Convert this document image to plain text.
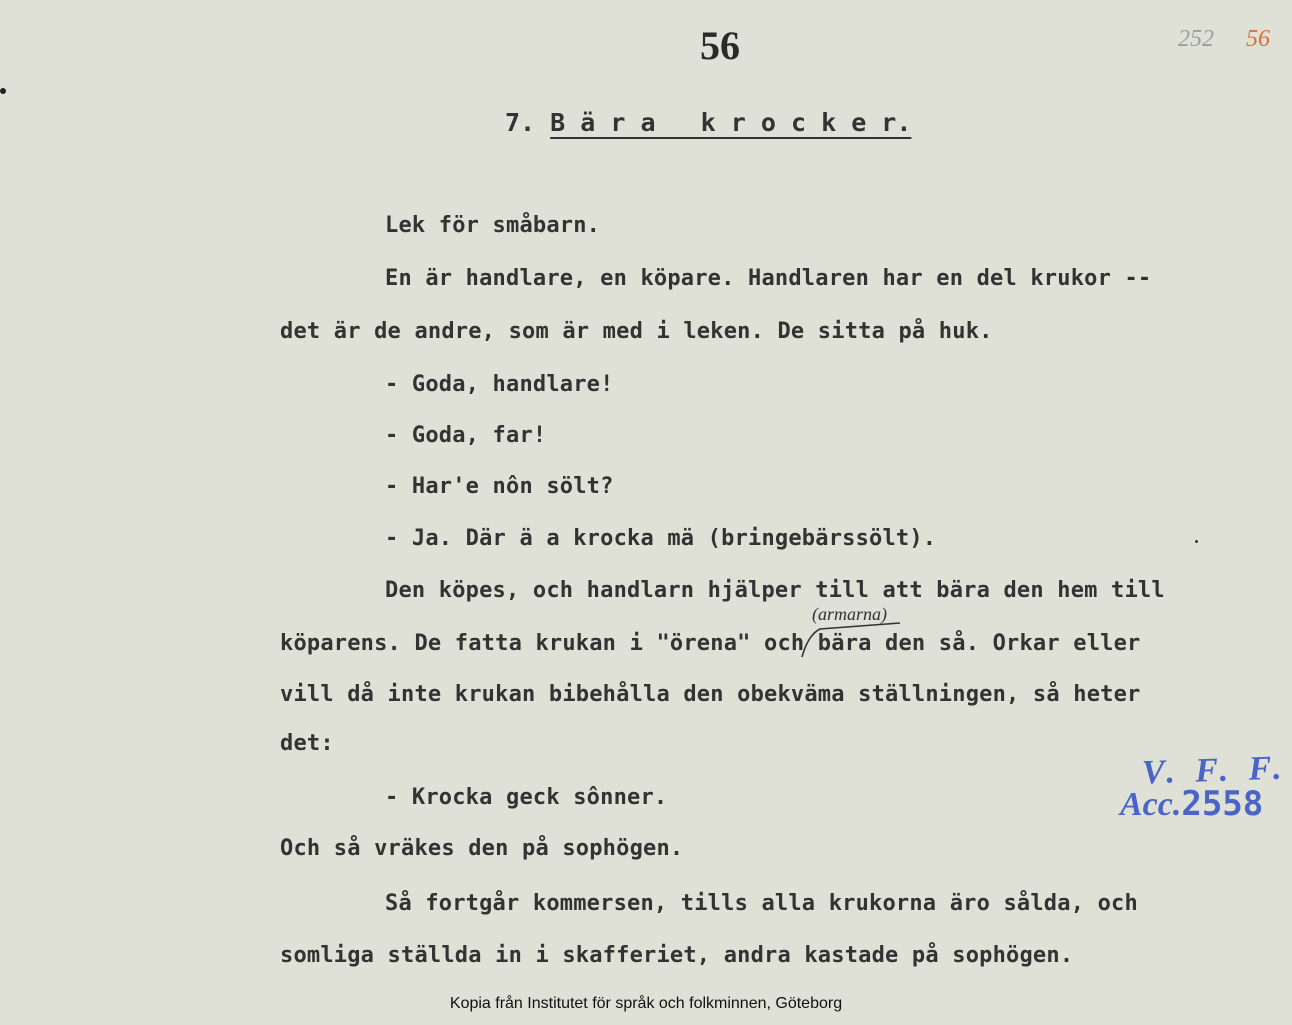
56	252 56
7. B ä r a   k r o c k e r.
Lek för småbarn.
En är handlare, en köpare. Handlaren har en del krukor --
det är de andre, som är med i leken. De sitta på huk.
- Goda, handlare!
- Goda, far!
- Har'e nôn sölt?
- Ja. Där ä a krocka mä (bringebärssölt).
Den köpes, och handlarn hjälper till att bära den hem till
köparens. De fatta krukan i "örena" och bära den så. Orkar eller
vill då inte krukan bibehålla den obekväma ställningen, så heter
det:
- Krocka geck sônner.
Och så vräkes den på sophögen.
Så fortgår kommersen, tills alla krukorna äro sålda, och
somliga ställda in i skafferiet, andra kastade på sophögen.
(armarna)
V. F. F.
Acc.2558
Kopia från Institutet för språk och folkminnen, Göteborg
